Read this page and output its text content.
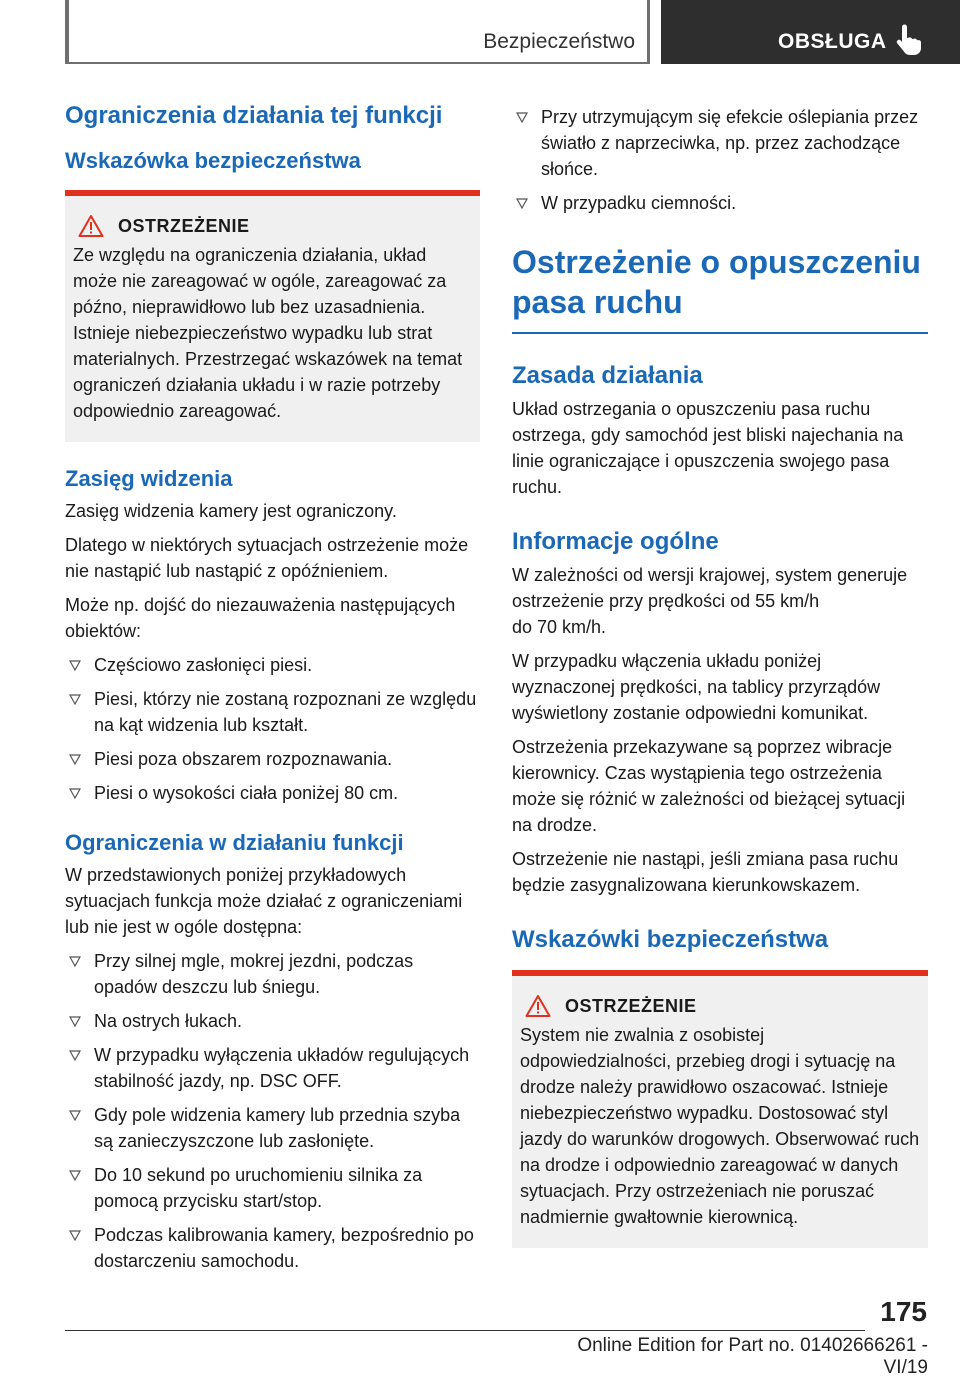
Bezpieczeństwo	OBSŁUGA
Ograniczenia działania tej funkcji
Wskazówka bezpieczeństwa
OSTRZEŻENIE

Ze względu na ograniczenia działania, układ może nie zareagować w ogóle, zareagować za późno, nieprawidłowo lub bez uzasadnienia. Istnieje niebezpieczeństwo wypadku lub strat materialnych. Przestrzegać wskazówek na temat ograniczeń działania układu i w razie potrzeby odpowiednio zareagować.

Zasięg widzenia

Zasięg widzenia kamery jest ograniczony.

Dlatego w niektórych sytuacjach ostrzeżenie może nie nastąpić lub nastąpić z opóźnieniem.

Może np. dojść do niezauważenia następujących obiektów:

Częściowo zasłonięci piesi.
Piesi, którzy nie zostaną rozpoznani ze względu na kąt widzenia lub kształt.
Piesi poza obszarem rozpoznawania.
Piesi o wysokości ciała poniżej 80 cm.
Ograniczenia w działaniu funkcji

W przedstawionych poniżej przykładowych sytuacjach funkcja może działać z ograniczeniami lub nie jest w ogóle dostępna:

Przy silnej mgle, mokrej jezdni, podczas opadów deszczu lub śniegu.
Na ostrych łukach.
W przypadku wyłączenia układów regulujących stabilność jazdy, np. DSC OFF.
Gdy pole widzenia kamery lub przednia szyba są zanieczyszczone lub zasłonięte.
Do 10 sekund po uruchomieniu silnika za pomocą przycisku start/stop.
Podczas kalibrowania kamery, bezpośrednio po dostarczeniu samochodu.
Przy utrzymującym się efekcie oślepiania przez światło z naprzeciwka, np. przez zachodzące słońce.
W przypadku ciemności.
Ostrzeżenie o opuszczeniu pasa ruchu
Zasada działania

Układ ostrzegania o opuszczeniu pasa ruchu ostrzega, gdy samochód jest bliski najechania na linie ograniczające i opuszczenia swojego pasa ruchu.

Informacje ogólne

W zależności od wersji krajowej, system generuje ostrzeżenie przy prędkości od 55 km/h
do 70 km/h.

W przypadku włączenia układu poniżej wyznaczonej prędkości, na tablicy przyrządów wyświetlony zostanie odpowiedni komunikat.

Ostrzeżenia przekazywane są poprzez wibracje kierownicy. Czas wystąpienia tego ostrzeżenia może się różnić w zależności od bieżącej sytuacji na drodze.

Ostrzeżenie nie nastąpi, jeśli zmiana pasa ruchu będzie zasygnalizowana kierunkowskazem.

Wskazówki bezpieczeństwa
OSTRZEŻENIE

System nie zwalnia z osobistej odpowiedzialności, przebieg drogi i sytuację na drodze należy prawidłowo oszacować. Istnieje niebezpieczeństwo wypadku. Dostosować styl jazdy do warunków drogowych. Obserwować ruch na drodze i odpowiednio zareagować w danych sytuacjach. Przy ostrzeżeniach nie poruszać nadmiernie gwałtownie kierownicą.

175
Online Edition for Part no. 01402666261 - VI/19
